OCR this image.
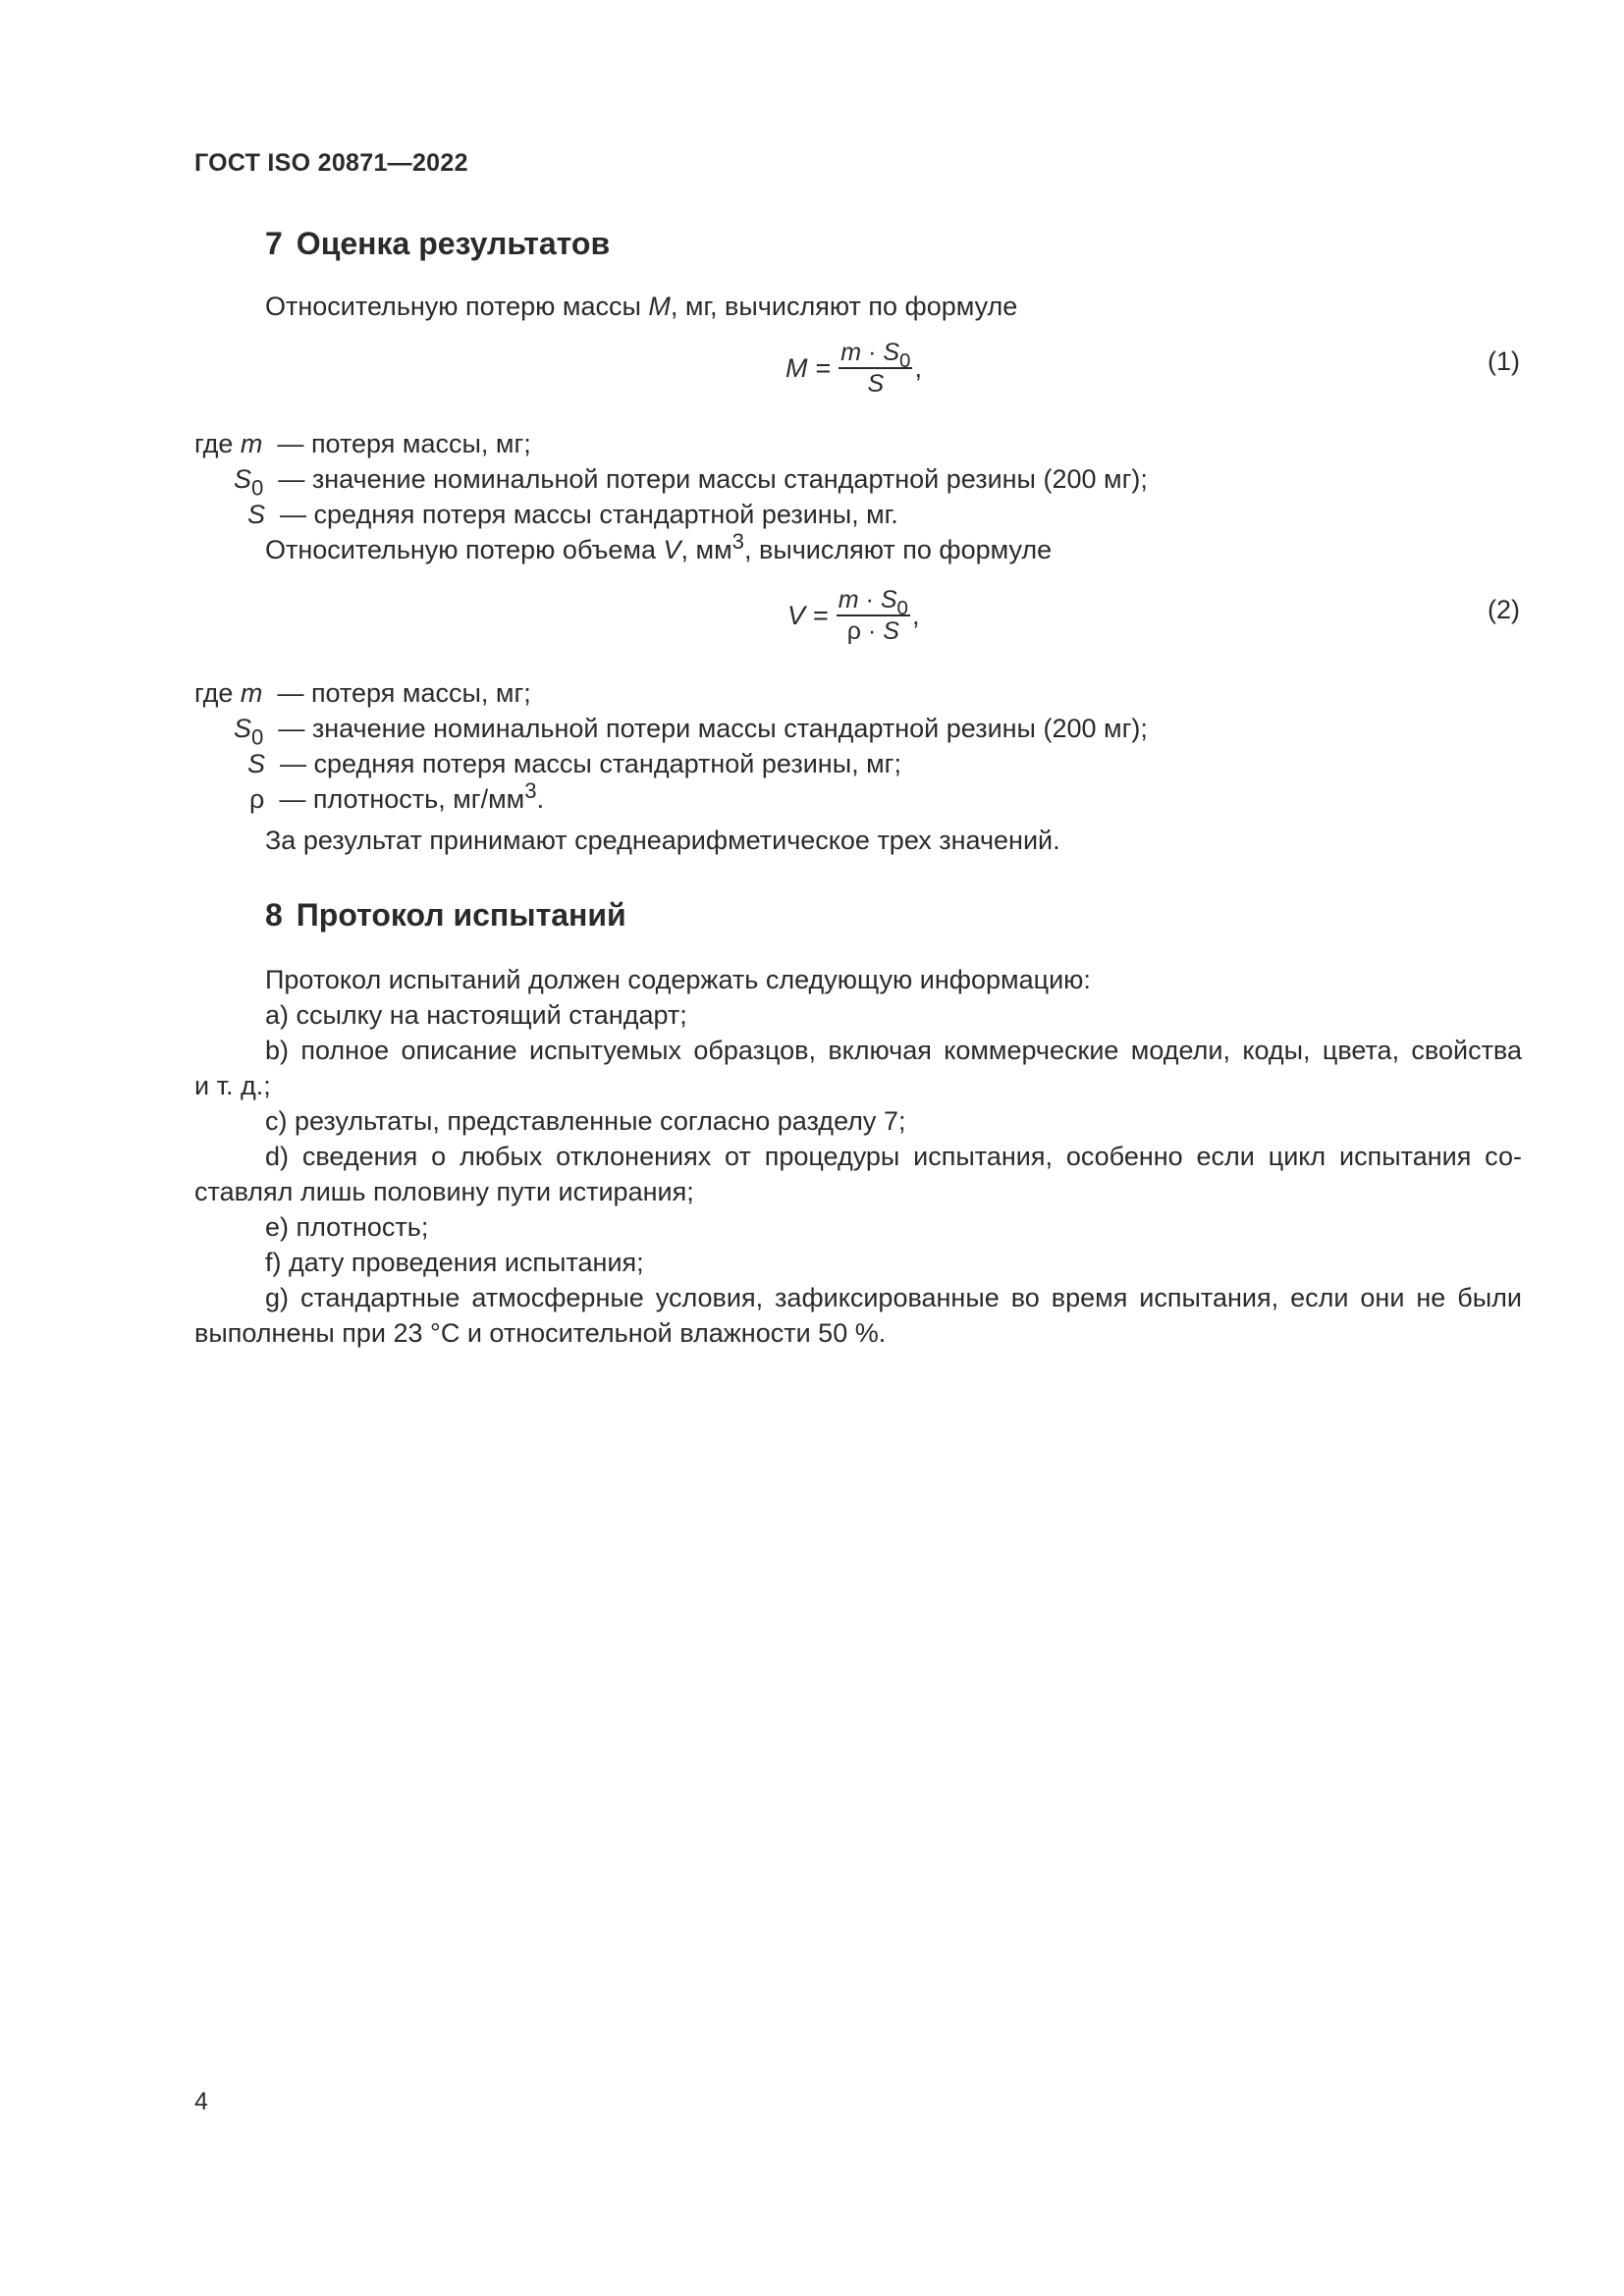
ГОСТ ISO 20871—2022
7 Оценка результатов
Относительную потерю массы M, мг, вычисляют по формуле
$M = \frac{m \cdot S_0}{S}$ ,	(1)
где m — потеря массы, мг;
$S_0$ — значение номинальной потери массы стандартной резины (200 мг);
S — средняя потеря массы стандартной резины, мг.
Относительную потерю объема V, $мм^3$, вычисляют по формуле
$V = \frac{m \cdot S_0}{\rho \cdot S}$ ,	(2)
где m — потеря массы, мг;
$S_0$ — значение номинальной потери массы стандартной резины (200 мг);
S — средняя потеря массы стандартной резины, мг;
ρ — плотность, $мг/мм^3$.
За результат принимают среднеарифметическое трех значений.
8 Протокол испытаний
Протокол испытаний должен содержать следующую информацию:
a) ссылку на настоящий стандарт;
b) полное описание испытуемых образцов, включая коммерческие модели, коды, цвета, свойства
и т. д.;
c) результаты, представленные согласно разделу 7;
d) сведения о любых отклонениях от процедуры испытания, особенно если цикл испытания со-
ставлял лишь половину пути истирания;
e) плотность;
f) дату проведения испытания;
g) стандартные атмосферные условия, зафиксированные во время испытания, если они не были
выполнены при 23 °C и относительной влажности 50 %.
4
